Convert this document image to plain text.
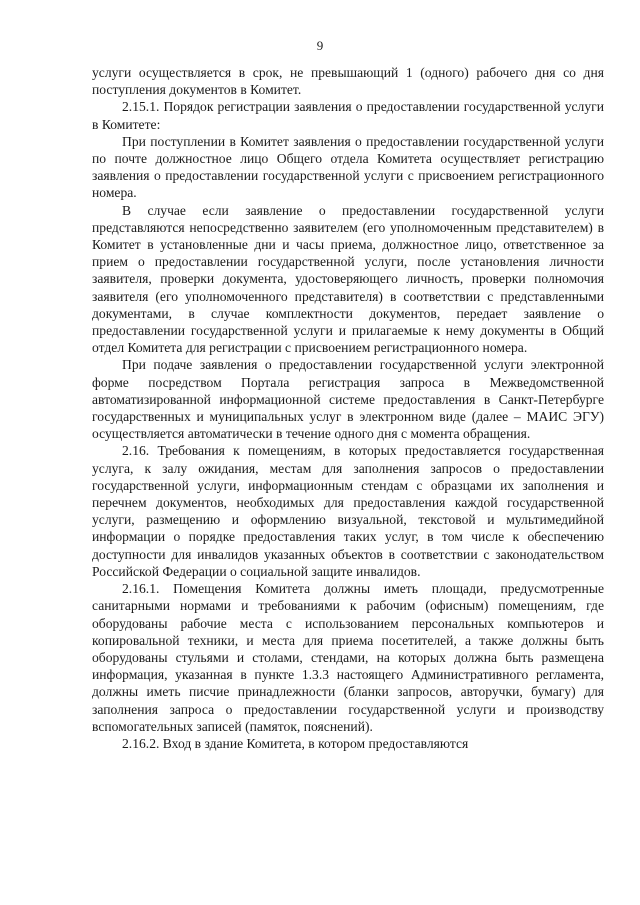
9

услуги осуществляется в срок, не превышающий 1 (одного) рабочего дня со дня поступления документов в Комитет.

2.15.1. Порядок регистрации заявления о предоставлении государственной услуги в Комитете:

При поступлении в Комитет заявления о предоставлении государственной услуги по почте должностное лицо Общего отдела Комитета осуществляет регистрацию заявления о предоставлении государственной услуги с присвоением регистрационного номера.

В случае если заявление о предоставлении государственной услуги представляются непосредственно заявителем (его уполномоченным представителем) в Комитет в установленные дни и часы приема, должностное лицо, ответственное за прием о предоставлении государственной услуги, после установления личности заявителя, проверки документа, удостоверяющего личность, проверки полномочия заявителя (его уполномоченного представителя) в соответствии с представленными документами, в случае комплектности документов, передает заявление о предоставлении государственной услуги и прилагаемые к нему документы в Общий отдел Комитета для регистрации с присвоением регистрационного номера.

При подаче заявления о предоставлении государственной услуги электронной форме посредством Портала регистрация запроса в Межведомственной автоматизированной информационной системе предоставления в Санкт-Петербурге государственных и муниципальных услуг в электронном виде (далее – МАИС ЭГУ) осуществляется автоматически в течение одного дня с момента обращения.

2.16. Требования к помещениям, в которых предоставляется государственная услуга, к залу ожидания, местам для заполнения запросов о предоставлении государственной услуги, информационным стендам с образцами их заполнения и перечнем документов, необходимых для предоставления каждой государственной услуги, размещению и оформлению визуальной, текстовой и мультимедийной информации о порядке предоставления таких услуг, в том числе к обеспечению доступности для инвалидов указанных объектов в соответствии с законодательством Российской Федерации о социальной защите инвалидов.

2.16.1. Помещения Комитета должны иметь площади, предусмотренные санитарными нормами и требованиями к рабочим (офисным) помещениям, где оборудованы рабочие места с использованием персональных компьютеров и копировальной техники, и места для приема посетителей, а также должны быть оборудованы стульями и столами, стендами, на которых должна быть размещена информация, указанная в пункте 1.3.3 настоящего Административного регламента, должны иметь писчие принадлежности (бланки запросов, авторучки, бумагу) для заполнения запроса о предоставлении государственной услуги и производству вспомогательных записей (памяток, пояснений).

2.16.2. Вход в здание Комитета, в котором предоставляются
